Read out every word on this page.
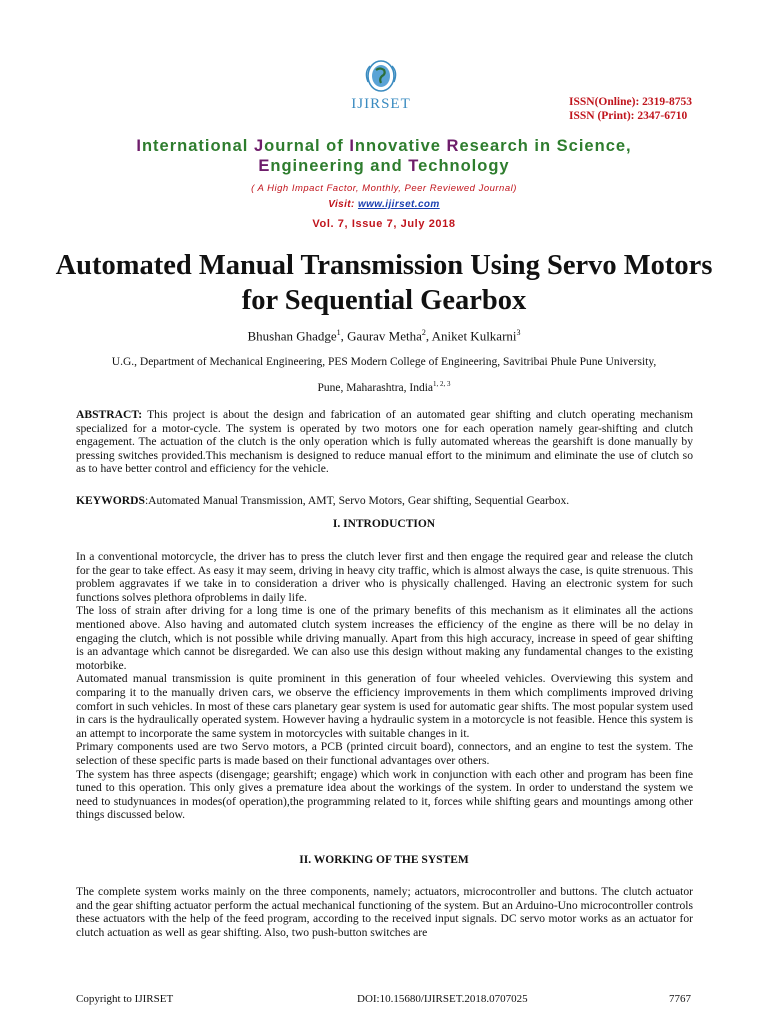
IJIRSET	ISSN(Online): 2319-8753
ISSN (Print): 2347-6710
International Journal of Innovative Research in Science,
Engineering and Technology
( A High Impact Factor, Monthly, Peer Reviewed Journal)
Visit: www.ijirset.com
Vol. 7, Issue 7, July 2018
Automated Manual Transmission Using Servo Motors for Sequential Gearbox
Bhushan Ghadge$^1$, Gaurav Metha$^2$, Aniket Kulkarni$^3$
U.G., Department of Mechanical Engineering, PES Modern College of Engineering, Savitribai Phule Pune University,
Pune, Maharashtra, India$^{1, 2, 3}$

ABSTRACT: This project is about the design and fabrication of an automated gear shifting and clutch operating mechanism specialized for a motor-cycle. The system is operated by two motors one for each operation namely gear-shifting and clutch engagement. The actuation of the clutch is the only operation which is fully automated whereas the gearshift is done manually by pressing switches provided.This mechanism is designed to reduce manual effort to the minimum and eliminate the use of clutch so as to have better control and efficiency for the vehicle.

KEYWORDS:Automated Manual Transmission, AMT, Servo Motors, Gear shifting, Sequential Gearbox.

I. INTRODUCTION

In a conventional motorcycle, the driver has to press the clutch lever first and then engage the required gear and release the clutch for the gear to take effect. As easy it may seem, driving in heavy city traffic, which is almost always the case, is quite strenuous. This problem aggravates if we take in to consideration a driver who is physically challenged. Having an electronic system for such functions solves plethora ofproblems in daily life.

The loss of strain after driving for a long time is one of the primary benefits of this mechanism as it eliminates all the actions mentioned above. Also having and automated clutch system increases the efficiency of the engine as there will be no delay in engaging the clutch, which is not possible while driving manually. Apart from this high accuracy, increase in speed of gear shifting is an advantage which cannot be disregarded. We can also use this design without making any fundamental changes to the existing motorbike.

Automated manual transmission is quite prominent in this generation of four wheeled vehicles. Overviewing this system and comparing it to the manually driven cars, we observe the efficiency improvements in them which compliments improved driving comfort in such vehicles. In most of these cars planetary gear system is used for automatic gear shifts. The most popular system used in cars is the hydraulically operated system. However having a hydraulic system in a motorcycle is not feasible. Hence this system is an attempt to incorporate the same system in motorcycles with suitable changes in it.

Primary components used are two Servo motors, a PCB (printed circuit board), connectors, and an engine to test the system. The selection of these specific parts is made based on their functional advantages over others.

The system has three aspects (disengage; gearshift; engage) which work in conjunction with each other and program has been fine tuned to this operation. This only gives a premature idea about the workings of the system. In order to understand the system we need to studynuances in modes(of operation),the programming related to it, forces while shifting gears and mountings among other things discussed below.

II. WORKING OF THE SYSTEM

The complete system works mainly on the three components, namely; actuators, microcontroller and buttons. The clutch actuator and the gear shifting actuator perform the actual mechanical functioning of the system. But an Arduino-Uno microcontroller controls these actuators with the help of the feed program, according to the received input signals. DC servo motor works as an actuator for clutch actuation as well as gear shifting. Also, two push-button switches are

Copyright to IJIRSET	DOI:10.15680/IJIRSET.2018.0707025	7767
